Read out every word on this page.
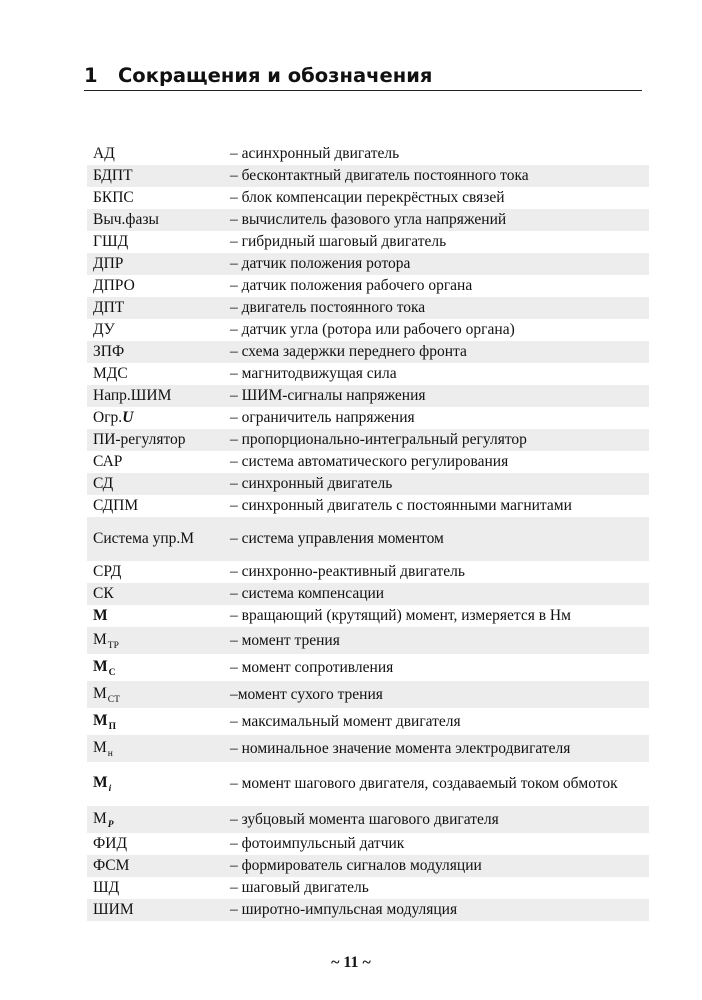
1 Сокращения и обозначения
АД	– асинхронный двигатель
БДПТ	– бесконтактный двигатель постоянного тока
БКПС	– блок компенсации перекрёстных связей
Выч.фазы	– вычислитель фазового угла напряжений
ГШД	– гибридный шаговый двигатель
ДПР	– датчик положения ротора
ДПРО	– датчик положения рабочего органа
ДПТ	– двигатель постоянного тока
ДУ	– датчик угла (ротора или рабочего органа)
ЗПФ	– схема задержки переднего фронта
МДС	– магнитодвижущая сила
Напр.ШИМ	– ШИМ-сигналы напряжения
Огр.U	– ограничитель напряжения
ПИ-регулятор	– пропорционально-интегральный регулятор
САР	– система автоматического регулирования
СД	– синхронный двигатель
СДПМ	– синхронный двигатель с постоянными магнитами
Система упр.М	– система управления моментом
СРД	– синхронно-реактивный двигатель
СК	– система компенсации
М	– вращающий (крутящий) момент, измеряется в Нм
$М_{ТР}$	– момент трения
$М_С$	– момент сопротивления
$М_{СТ}$	–момент сухого трения
$М_П$	– максимальный момент двигателя
$М_н$	– номинальное значение момента электродвигателя
$М_i$	– момент шагового двигателя, создаваемый током обмоток
$М_Р$	– зубцовый момента шагового двигателя
ФИД	– фотоимпульсный датчик
ФСМ	– формирователь сигналов модуляции
ШД	– шаговый двигатель
ШИМ	– широтно-импульсная модуляция
~ 11 ~
